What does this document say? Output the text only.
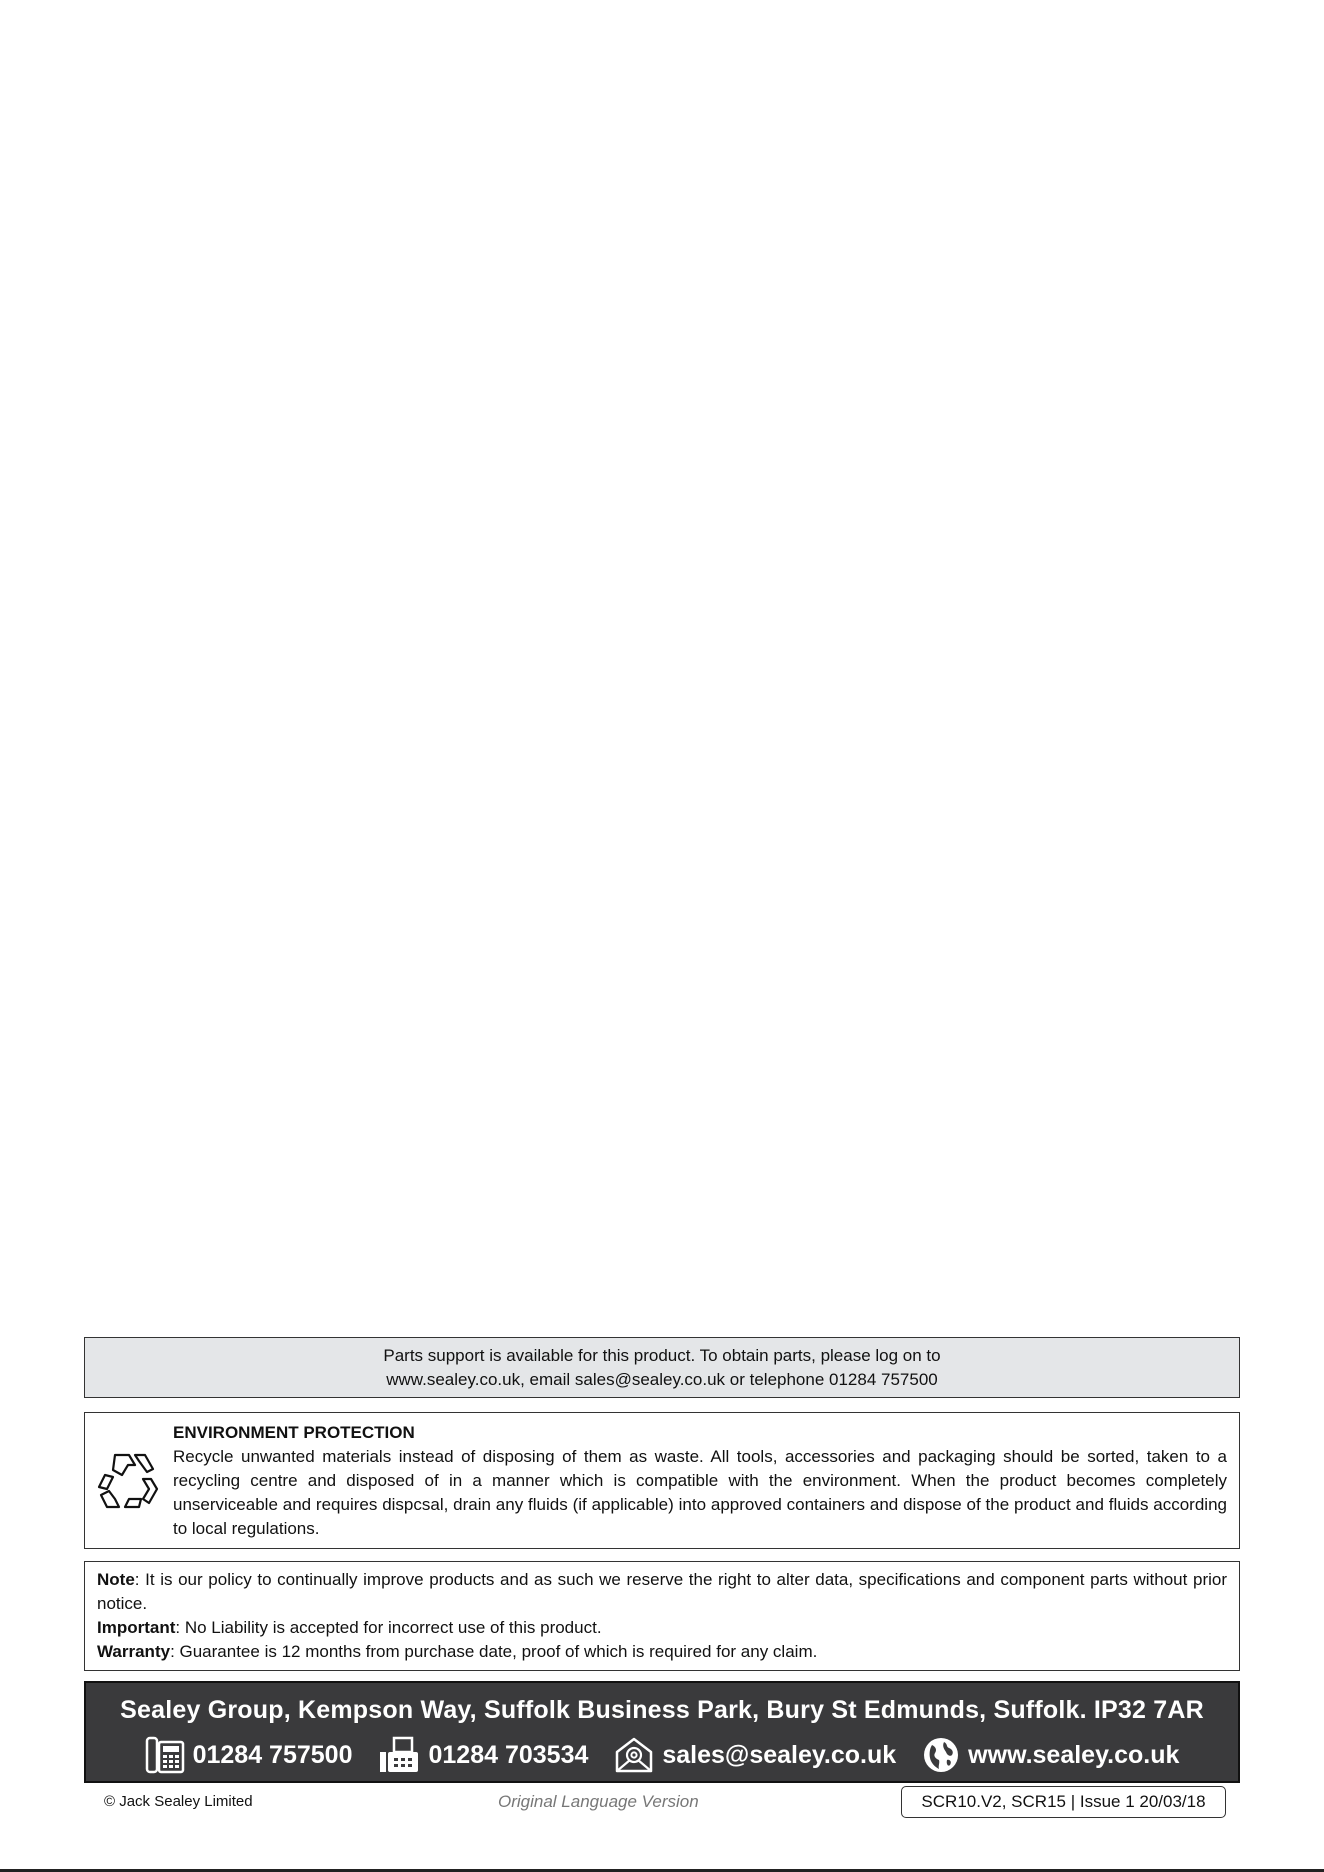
Parts support is available for this product. To obtain parts, please log on to
www.sealey.co.uk, email sales@sealey.co.uk or telephone 01284 757500
ENVIRONMENT PROTECTION
Recycle unwanted materials instead of disposing of them as waste. All tools, accessories and packaging should be sorted, taken to a recycling centre and disposed of in a manner which is compatible with the environment. When the product becomes completely unserviceable and requires dispcsal, drain any fluids (if applicable) into approved containers and dispose of the product and fluids according to local regulations.
Note: It is our policy to continually improve products and as such we reserve the right to alter data, specifications and component parts without prior notice.
Important: No Liability is accepted for incorrect use of this product.
Warranty: Guarantee is 12 months from purchase date, proof of which is required for any claim.
Sealey Group, Kempson Way, Suffolk Business Park, Bury St Edmunds, Suffolk. IP32 7AR
01284 757500	01284 703534	sales@sealey.co.uk	www.sealey.co.uk
© Jack Sealey Limited	Original Language Version	SCR10.V2, SCR15 | Issue 1 20/03/18
